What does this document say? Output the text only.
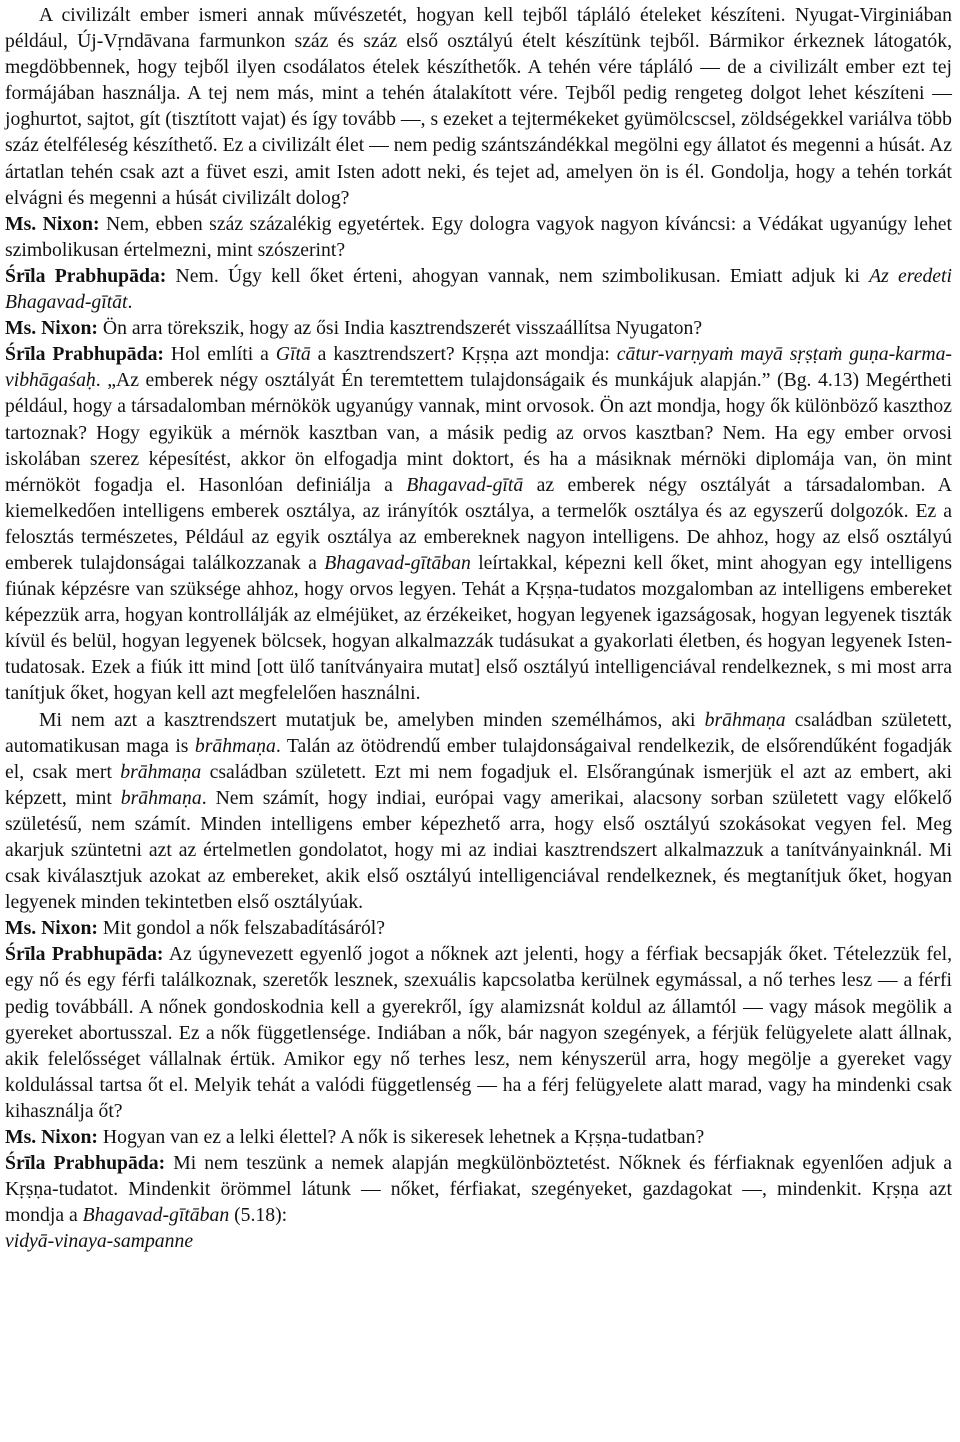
A civilizált ember ismeri annak művészetét, hogyan kell tejből tápláló ételeket készíteni. Nyugat-Virginiában például, Új-Vṛndāvana farmunkon száz és száz első osztályú ételt készítünk tejből. Bármikor érkeznek látogatók, megdöbbennek, hogy tejből ilyen csodálatos ételek készíthetők. A tehén vére tápláló — de a civilizált ember ezt tej formájában használja. A tej nem más, mint a tehén átalakított vére. Tejből pedig rengeteg dolgot lehet készíteni — joghurtot, sajtot, gít (tisztított vajat) és így tovább —, s ezeket a tejtermékeket gyümölcscsel, zöldségekkel variálva több száz ételféleség készíthető. Ez a civilizált élet — nem pedig szántszándékkal megölni egy állatot és megenni a húsát. Az ártatlan tehén csak azt a füvet eszi, amit Isten adott neki, és tejet ad, amelyen ön is él. Gondolja, hogy a tehén torkát elvágni és megenni a húsát civilizált dolog?

Ms. Nixon: Nem, ebben száz százalékig egyetértek. Egy dologra vagyok nagyon kíváncsi: a Védákat ugyanúgy lehet szimbolikusan értelmezni, mint szószerint?

Śrīla Prabhupāda: Nem. Úgy kell őket érteni, ahogyan vannak, nem szimbolikusan. Emiatt adjuk ki Az eredeti Bhagavad-gītāt.

Ms. Nixon: Ön arra törekszik, hogy az ősi India kasztrendszerét visszaállítsa Nyugaton?

Śrīla Prabhupāda: Hol említi a Gītā a kasztrendszert? Kṛṣṇa azt mondja: cātur-varṇyaṁ mayā sṛṣṭaṁ guṇa-karma-vibhāgaśaḥ. „Az emberek négy osztályát Én teremtettem tulajdonságaik és munkájuk alapján.” (Bg. 4.13) Megértheti például, hogy a társadalomban mérnökök ugyanúgy vannak, mint orvosok. Ön azt mondja, hogy ők különböző kaszthoz tartoznak? Hogy egyikük a mérnök kasztban van, a másik pedig az orvos kasztban? Nem. Ha egy ember orvosi iskolában szerez képesítést, akkor ön elfogadja mint doktort, és ha a másiknak mérnöki diplomája van, ön mint mérnököt fogadja el. Hasonlóan definiálja a Bhagavad-gītā az emberek négy osztályát a társadalomban. A kiemelkedően intelligens emberek osztálya, az irányítók osztálya, a termelők osztálya és az egyszerű dolgozók. Ez a felosztás természetes, Például az egyik osztálya az embereknek nagyon intelligens. De ahhoz, hogy az első osztályú emberek tulajdonságai találkozzanak a Bhagavad-gītāban leírtakkal, képezni kell őket, mint ahogyan egy intelligens fiúnak képzésre van szüksége ahhoz, hogy orvos legyen. Tehát a Kṛṣṇa-tudatos mozgalomban az intelligens embereket képezzük arra, hogyan kontrollálják az elméjüket, az érzékeiket, hogyan legyenek igazságosak, hogyan legyenek tiszták kívül és belül, hogyan legyenek bölcsek, hogyan alkalmazzák tudásukat a gyakorlati életben, és hogyan legyenek Isten-tudatosak. Ezek a fiúk itt mind [ott ülő tanítványaira mutat] első osztályú intelligenciával rendelkeznek, s mi most arra tanítjuk őket, hogyan kell azt megfelelően használni.

Mi nem azt a kasztrendszert mutatjuk be, amelyben minden személhámos, aki brāhmaṇa családban született, automatikusan maga is brāhmaṇa. Talán az ötödrendű ember tulajdonságaival rendelkezik, de elsőrendűként fogadják el, csak mert brāhmaṇa családban született. Ezt mi nem fogadjuk el. Elsőrangúnak ismerjük el azt az embert, aki képzett, mint brāhmaṇa. Nem számít, hogy indiai, európai vagy amerikai, alacsony sorban született vagy előkelő születésű, nem számít. Minden intelligens ember képezhető arra, hogy első osztályú szokásokat vegyen fel. Meg akarjuk szüntetni azt az értelmetlen gondolatot, hogy mi az indiai kasztrendszert alkalmazzuk a tanítványainknál. Mi csak kiválasztjuk azokat az embereket, akik első osztályú intelligenciával rendelkeznek, és megtanítjuk őket, hogyan legyenek minden tekintetben első osztályúak.

Ms. Nixon: Mit gondol a nők felszabadításáról?

Śrīla Prabhupāda: Az úgynevezett egyenlő jogot a nőknek azt jelenti, hogy a férfiak becsapják őket. Tételezzük fel, egy nő és egy férfi találkoznak, szeretők lesznek, szexuális kapcsolatba kerülnek egymással, a nő terhes lesz — a férfi pedig továbbáll. A nőnek gondoskodnia kell a gyerekről, így alamizsnát koldul az államtól — vagy mások megölik a gyereket abortusszal. Ez a nők függetlensége. Indiában a nők, bár nagyon szegények, a férjük felügyelete alatt állnak, akik felelősséget vállalnak értük. Amikor egy nő terhes lesz, nem kényszerül arra, hogy megölje a gyereket vagy koldulással tartsa őt el. Melyik tehát a valódi függetlenség — ha a férj felügyelete alatt marad, vagy ha mindenki csak kihasználja őt?

Ms. Nixon: Hogyan van ez a lelki élettel? A nők is sikeresek lehetnek a Kṛṣṇa-tudatban?

Śrīla Prabhupāda: Mi nem teszünk a nemek alapján megkülönböztetést. Nőknek és férfiaknak egyenlően adjuk a Kṛṣṇa-tudatot. Mindenkit örömmel látunk — nőket, férfiakat, szegényeket, gazdagokat —, mindenkit. Kṛṣṇa azt mondja a Bhagavad-gītāban (5.18):

vidyā-vinaya-sampanne
